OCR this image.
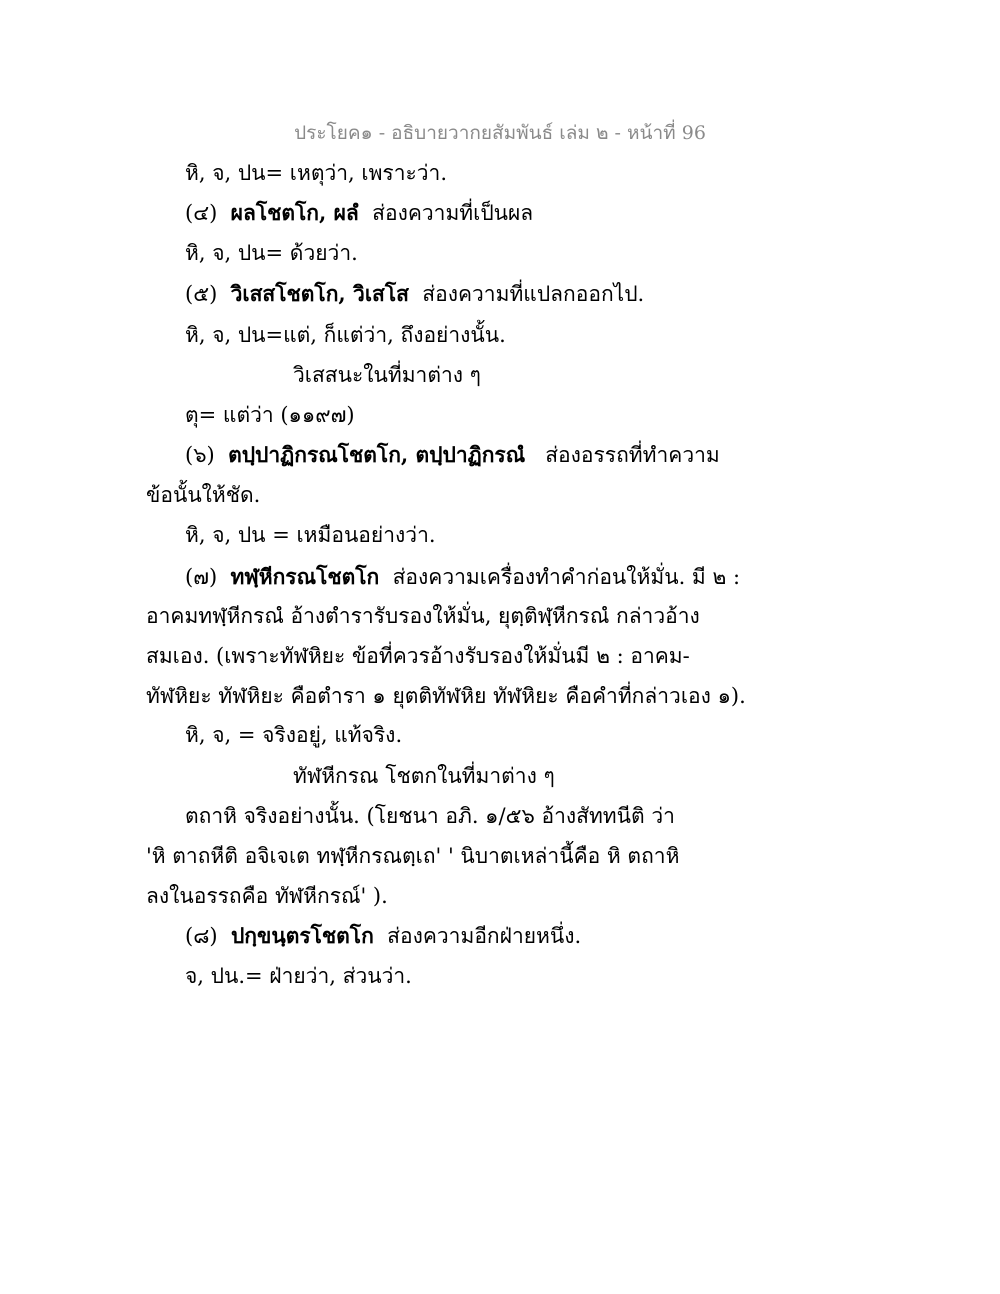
ประโยค๑ - อธิบายวากยสัมพันธ์ เล่ม ๒ - หน้าที่ 96
หิ, จ, ปน= เหตุว่า, เพราะว่า.
(๔) ผลโชตโก, ผลํ ส่องความที่เป็นผล
หิ, จ, ปน= ด้วยว่า.
(๕) วิเสสโชตโก, วิเสโส ส่องความที่แปลกออกไป.
หิ, จ, ปน=แต่, ก็แต่ว่า, ถึงอย่างนั้น.
วิเสสนะในที่มาต่าง ๆ
ตุ= แต่ว่า (๑๑๙๗)
(๖) ตปฺปาฏิกรณโชตโก, ตปฺปาฏิกรณํ ส่องอรรถที่ทำความ
ข้อนั้นให้ชัด.
หิ, จ, ปน = เหมือนอย่างว่า.
(๗) ทฬฺหีกรณโชตโก ส่องความเครื่องทำคำก่อนให้มั่น. มี ๒ :
อาคมทฬฺหีกรณํ อ้างตำรารับรองให้มั่น, ยุตฺติฬฺหีกรณํ กล่าวอ้าง
สมเอง. (เพราะทัฬหิยะ ข้อที่ควรอ้างรับรองให้มั่นมี ๒ : อาคม-
ทัฬหิยะ ทัฬหิยะ คือตำรา ๑ ยุตติทัฬหิย ทัฬหิยะ คือคำที่กล่าวเอง ๑).
หิ, จ, = จริงอยู่, แท้จริง.
ทัฬหีกรณ โชตกในที่มาต่าง ๆ
ตถาหิ จริงอย่างนั้น. (โยชนา อภิ. ๑/๕๖ อ้างสัททนีติ ว่า
'หิ ตาถหีติ อจิเจเต ทฬฺหีกรณตฺเถ' ' นิบาตเหล่านี้คือ หิ ตถาหิ
ลงในอรรถคือ ทัฬหีกรณ์' ).
(๘) ปกฺขนฺตรโชตโก ส่องความอีกฝ่ายหนึ่ง.
จ, ปน.= ฝ่ายว่า, ส่วนว่า.
